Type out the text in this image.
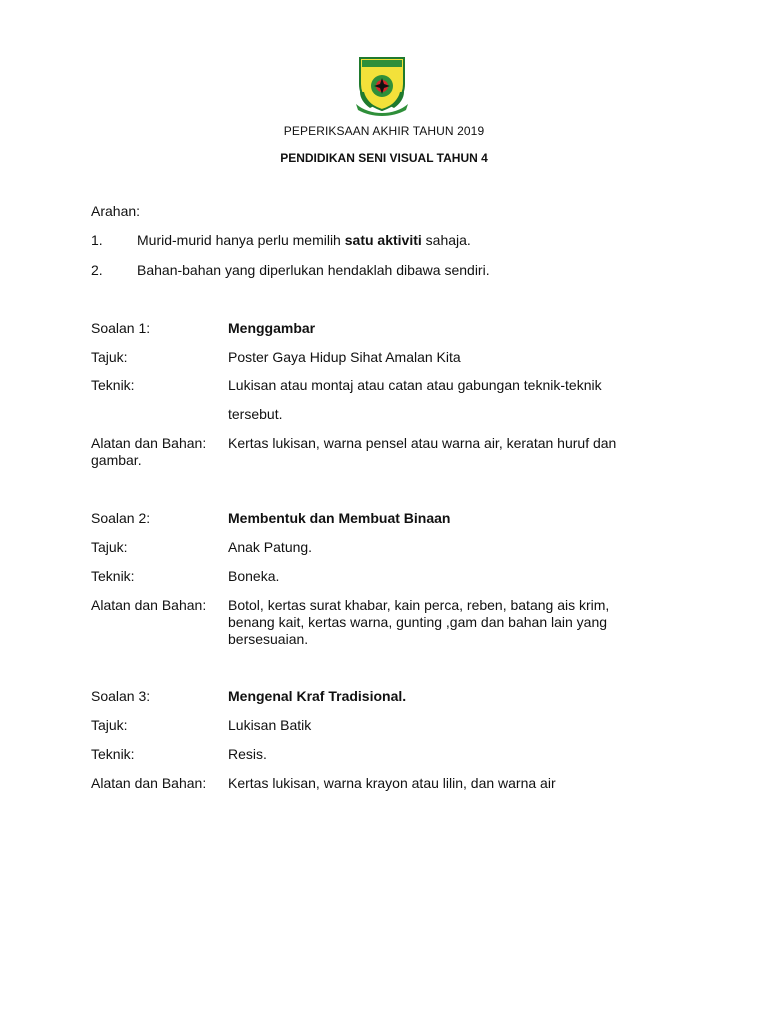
PEPERIKSAAN AKHIR TAHUN 2019
PENDIDIKAN SENI VISUAL TAHUN 4
Arahan:
1. Murid-murid hanya perlu memilih satu aktiviti sahaja.
2. Bahan-bahan yang diperlukan hendaklah dibawa sendiri.
Soalan 1:	Menggambar
Tajuk:	Poster Gaya Hidup Sihat Amalan Kita
Teknik:	Lukisan atau montaj atau catan atau gabungan teknik-teknik
tersebut.
Alatan dan Bahan: Kertas lukisan, warna pensel atau warna air, keratan huruf dan
gambar.
Soalan 2:	Membentuk dan Membuat Binaan
Tajuk:	Anak Patung.
Teknik:	Boneka.
Alatan dan Bahan: Botol, kertas surat khabar, kain perca, reben, batang ais krim,
benang kait, kertas warna, gunting ,gam dan bahan lain yang
bersesuaian.
Soalan 3:	Mengenal Kraf Tradisional.
Tajuk:	Lukisan Batik
Teknik:	Resis.
Alatan dan Bahan: Kertas lukisan, warna krayon atau lilin, dan warna air
